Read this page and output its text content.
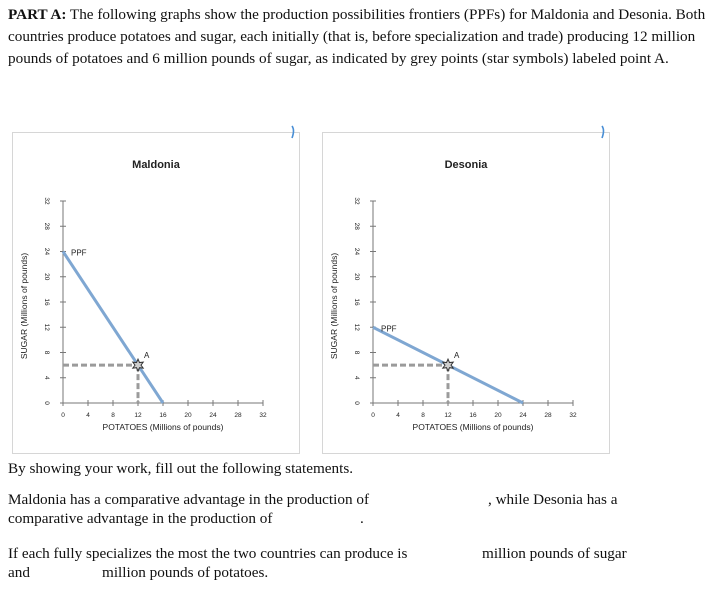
PART A: The following graphs show the production possibilities frontiers (PPFs) for Maldonia and Desonia. Both countries produce potatoes and sugar, each initially (that is, before specialization and trade) producing 12 million pounds of potatoes and 6 million pounds of sugar, as indicated by grey points (star symbols) labeled point A.
Maldonia
0	4	8	12	16	20	24	28	32
0
4
8
12
16
20
24
28
32
POTATOES (Millions of pounds)
SUGAR (Millions of pounds)	PPF
A
Desonia
0	4	8	12	16	20	24	28	32
0
4
8
12
16
20
24
28
32
POTATOES (Millions of pounds)
SUGAR (Millions of pounds)	PPF
A
By showing your work, fill out the following statements.
Maldonia has a comparative advantage in the production of	, while Desonia has a
comparative advantage in the production of	.
If each fully specializes the most the two countries can produce is	million pounds of sugar
and	million pounds of potatoes.
